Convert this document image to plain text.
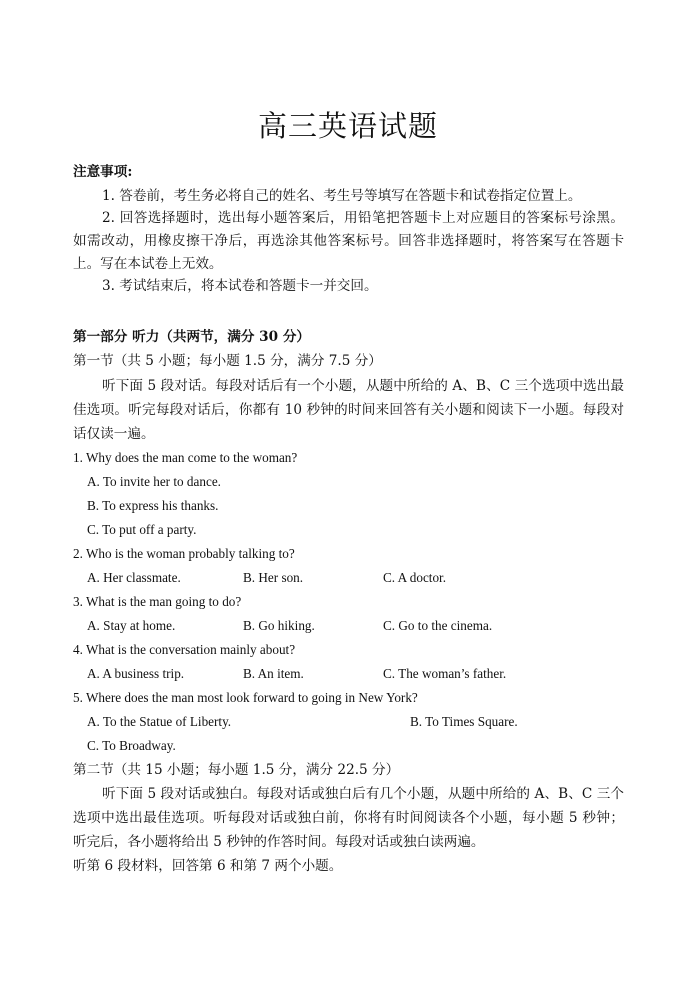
高三英语试题
注意事项:
1. 答卷前，考生务必将自己的姓名、考生号等填写在答题卡和试卷指定位置上。
2. 回答选择题时，选出每小题答案后，用铅笔把答题卡上对应题目的答案标号涂黑。
如需改动，用橡皮擦干净后，再选涂其他答案标号。回答非选择题时，将答案写在答题卡
上。写在本试卷上无效。
3. 考试结束后，将本试卷和答题卡一并交回。
第一部分 听力（共两节，满分 30 分）
第一节（共 5 小题；每小题 1.5 分，满分 7.5 分）
听下面 5 段对话。每段对话后有一个小题，从题中所给的 A、B、C 三个选项中选出最
佳选项。听完每段对话后，你都有 10 秒钟的时间来回答有关小题和阅读下一小题。每段对
话仅读一遍。
1. Why does the man come to the woman?
A. To invite her to dance.
B. To express his thanks.
C. To put off a party.
2. Who is the woman probably talking to?
A. Her classmate.	B. Her son.	C. A doctor.
3. What is the man going to do?
A. Stay at home.	B. Go hiking.	C. Go to the cinema.
4. What is the conversation mainly about?
A. A business trip.	B. An item.	C. The woman’s father.
5. Where does the man most look forward to going in New York?
A. To the Statue of Liberty.	B. To Times Square.
C. To Broadway.
第二节（共 15 小题；每小题 1.5 分，满分 22.5 分）
听下面 5 段对话或独白。每段对话或独白后有几个小题，从题中所给的 A、B、C 三个
选项中选出最佳选项。听每段对话或独白前，你将有时间阅读各个小题，每小题 5 秒钟；
听完后，各小题将给出 5 秒钟的作答时间。每段对话或独白读两遍。
听第 6 段材料，回答第 6 和第 7 两个小题。
